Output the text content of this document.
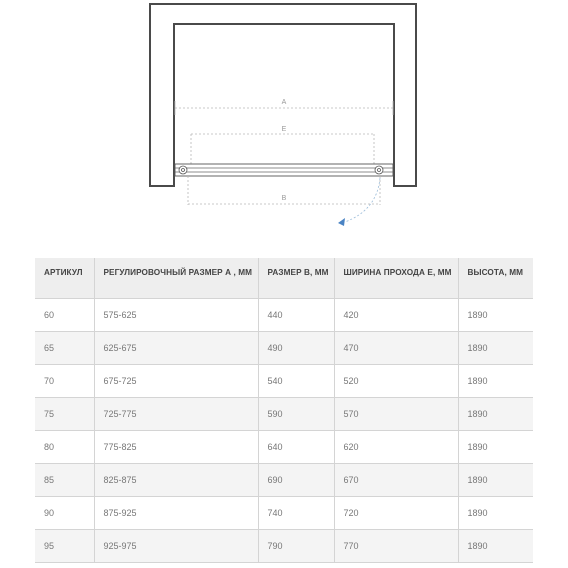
A
E
B
АРТИКУЛ	РЕГУЛИРОВОЧНЫЙ РАЗМЕР А , ММ	РАЗМЕР В, ММ	ШИРИНА ПРОХОДА Е, ММ	ВЫСОТА, ММ
60	575-625	440	420	1890
65	625-675	490	470	1890
70	675-725	540	520	1890
75	725-775	590	570	1890
80	775-825	640	620	1890
85	825-875	690	670	1890
90	875-925	740	720	1890
95	925-975	790	770	1890
